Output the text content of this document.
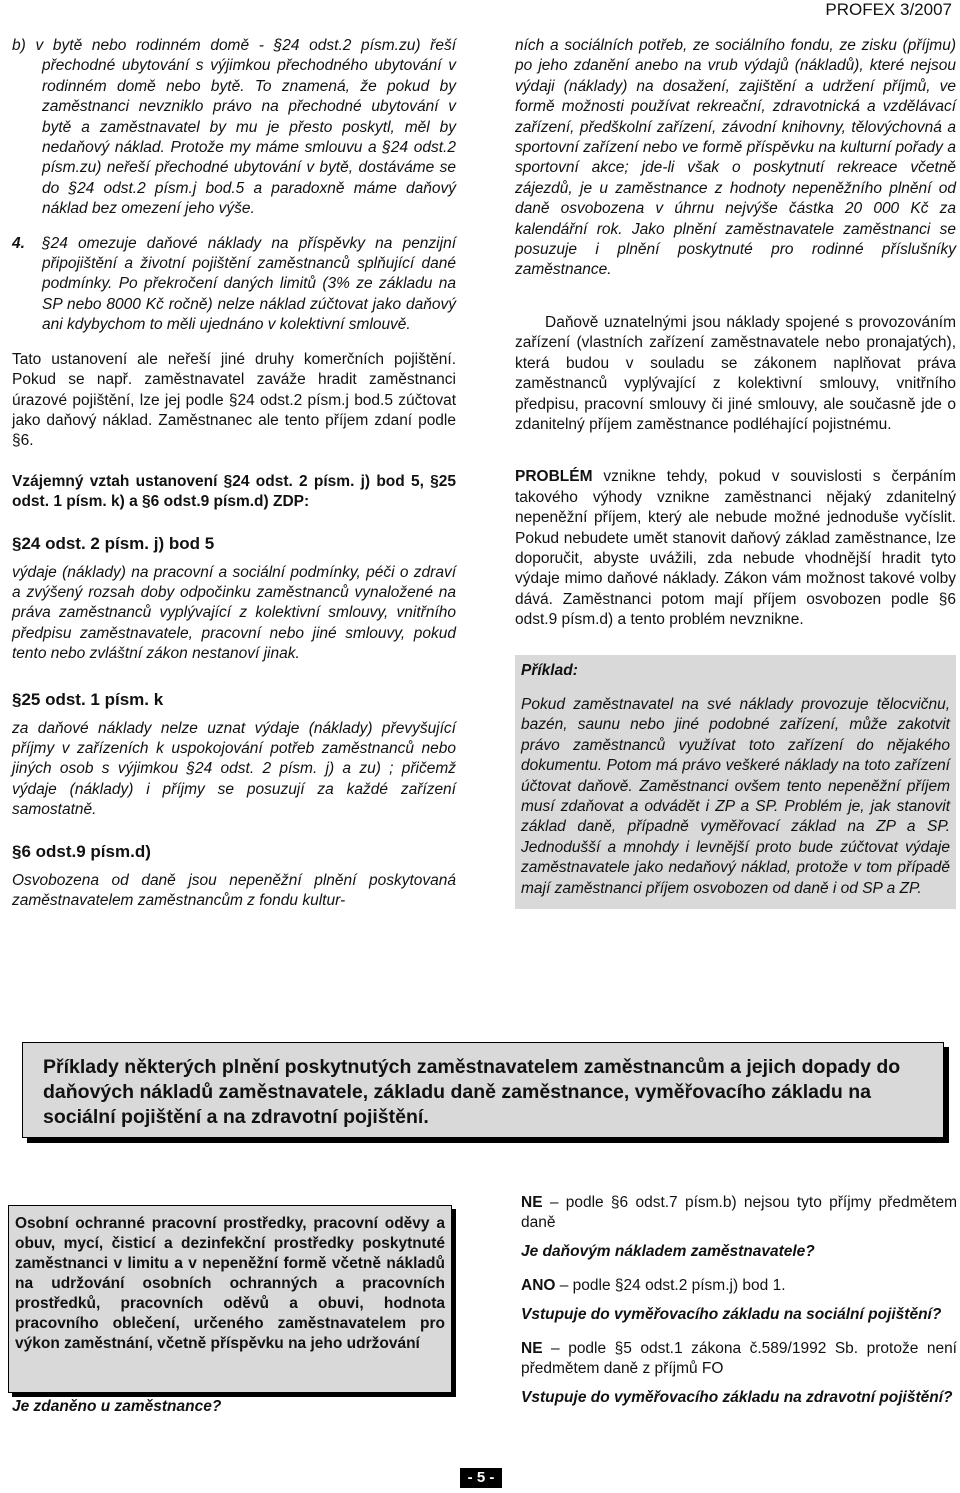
PROFEX 3/2007

b) v bytě nebo rodinném domě - §24 odst.2 písm.zu) řeší přechodné ubytování s výjimkou přechodného ubytování v rodinném domě nebo bytě. To znamená, že pokud by zaměstnanci nevzniklo právo na přechodné ubytování v bytě a zaměstnavatel by mu je přesto poskytl, měl by nedaňový náklad. Protože my máme smlouvu a §24 odst.2 písm.zu) neřeší přechodné ubytování v bytě, dostáváme se do §24 odst.2 písm.j bod.5 a paradoxně máme daňový náklad bez omezení jeho výše.

4. §24 omezuje daňové náklady na příspěvky na penzijní připojištění a životní pojištění zaměstnanců splňující dané podmínky. Po překročení daných limitů (3% ze základu na SP nebo 8000 Kč ročně) nelze náklad zúčtovat jako daňový ani kdybychom to měli ujednáno v kolektivní smlouvě.

Tato ustanovení ale neřeší jiné druhy komerčních pojištění. Pokud se např. zaměstnavatel zaváže hradit zaměstnanci úrazové pojištění, lze jej podle §24 odst.2 písm.j bod.5 zúčtovat jako daňový náklad. Zaměstnanec ale tento příjem zdaní podle §6.

Vzájemný vztah ustanovení §24 odst. 2 písm. j) bod 5, §25 odst. 1 písm. k) a §6 odst.9 písm.d) ZDP:

§24 odst. 2 písm. j) bod 5

výdaje (náklady) na pracovní a sociální podmínky, péči o zdraví a zvýšený rozsah doby odpočinku zaměstnanců vynaložené na práva zaměstnanců vyplývající z kolektivní smlouvy, vnitřního předpisu zaměstnavatele, pracovní nebo jiné smlouvy, pokud tento nebo zvláštní zákon nestanoví jinak.

§25 odst. 1 písm. k

za daňové náklady nelze uznat výdaje (náklady) převyšující příjmy v zařízeních k uspokojování potřeb zaměstnanců nebo jiných osob s výjimkou §24 odst. 2 písm. j) a zu) ; přičemž výdaje (náklady) i příjmy se posuzují za každé zařízení samostatně.

§6 odst.9 písm.d)

Osvobozena od daně jsou nepeněžní plnění poskytovaná zaměstnavatelem zaměstnancům z fondu kultur-

ních a sociálních potřeb, ze sociálního fondu, ze zisku (příjmu) po jeho zdanění anebo na vrub výdajů (nákladů), které nejsou výdaji (náklady) na dosažení, zajištění a udržení příjmů, ve formě možnosti používat rekreační, zdravotnická a vzdělávací zařízení, předškolní zařízení, závodní knihovny, tělovýchovná a sportovní zařízení nebo ve formě příspěvku na kulturní pořady a sportovní akce; jde-li však o poskytnutí rekreace včetně zájezdů, je u zaměstnance z hodnoty nepeněžního plnění od daně osvobozena v úhrnu nejvýše částka 20 000 Kč za kalendářní rok. Jako plnění zaměstnavatele zaměstnanci se posuzuje i plnění poskytnuté pro rodinné příslušníky zaměstnance.

Daňově uznatelnými jsou náklady spojené s provozováním zařízení (vlastních zařízení zaměstnavatele nebo pronajatých), která budou v souladu se zákonem naplňovat práva zaměstnanců vyplývající z kolektivní smlouvy, vnitřního předpisu, pracovní smlouvy či jiné smlouvy, ale současně jde o zdanitelný příjem zaměstnance podléhající pojistnému.

PROBLÉM vznikne tehdy, pokud v souvislosti s čerpáním takového výhody vznikne zaměstnanci nějaký zdanitelný nepeněžní příjem, který ale nebude možné jednoduše vyčíslit. Pokud nebudete umět stanovit daňový základ zaměstnance, lze doporučit, abyste uvážili, zda nebude vhodnější hradit tyto výdaje mimo daňové náklady. Zákon vám možnost takové volby dává. Zaměstnanci potom mají příjem osvobozen podle §6 odst.9 písm.d) a tento problém nevznikne.

Příklad:

Pokud zaměstnavatel na své náklady provozuje tělocvičnu, bazén, saunu nebo jiné podobné zařízení, může zakotvit právo zaměstnanců využívat toto zařízení do nějakého dokumentu. Potom má právo veškeré náklady na toto zařízení účtovat daňově. Zaměstnanci ovšem tento nepeněžní příjem musí zdaňovat a odvádět i ZP a SP. Problém je, jak stanovit základ daně, případně vyměřovací základ na ZP a SP. Jednodušší a mnohdy i levnější proto bude zúčtovat výdaje zaměstnavatele jako nedaňový náklad, protože v tom případě mají zaměstnanci příjem osvobozen od daně i od SP a ZP.

Příklady některých plnění poskytnutých zaměstnavatelem zaměstnancům a jejich dopady do daňových nákladů zaměstnavatele, základu daně zaměstnance, vyměřovacího základu na sociální pojištění a na zdravotní pojištění.
Osobní ochranné pracovní prostředky, pracovní oděvy a obuv, mycí, čisticí a dezinfekční prostředky poskytnuté zaměstnanci v limitu a v nepeněžní formě včetně nákladů na udržování osobních ochranných a pracovních prostředků, pracovních oděvů a obuvi, hodnota pracovního oblečení, určeného zaměstnavatelem pro výkon zaměstnání, včetně příspěvku na jeho udržování
Je zdaněno u zaměstnance?

NE – podle §6 odst.7 písm.b) nejsou tyto příjmy předmětem daně

Je daňovým nákladem zaměstnavatele?

ANO – podle §24 odst.2 písm.j) bod 1.

Vstupuje do vyměřovacího základu na sociální pojištění?

NE – podle §5 odst.1 zákona č.589/1992 Sb. protože není předmětem daně z příjmů FO

Vstupuje do vyměřovacího základu na zdravotní pojištění?

- 5 -
